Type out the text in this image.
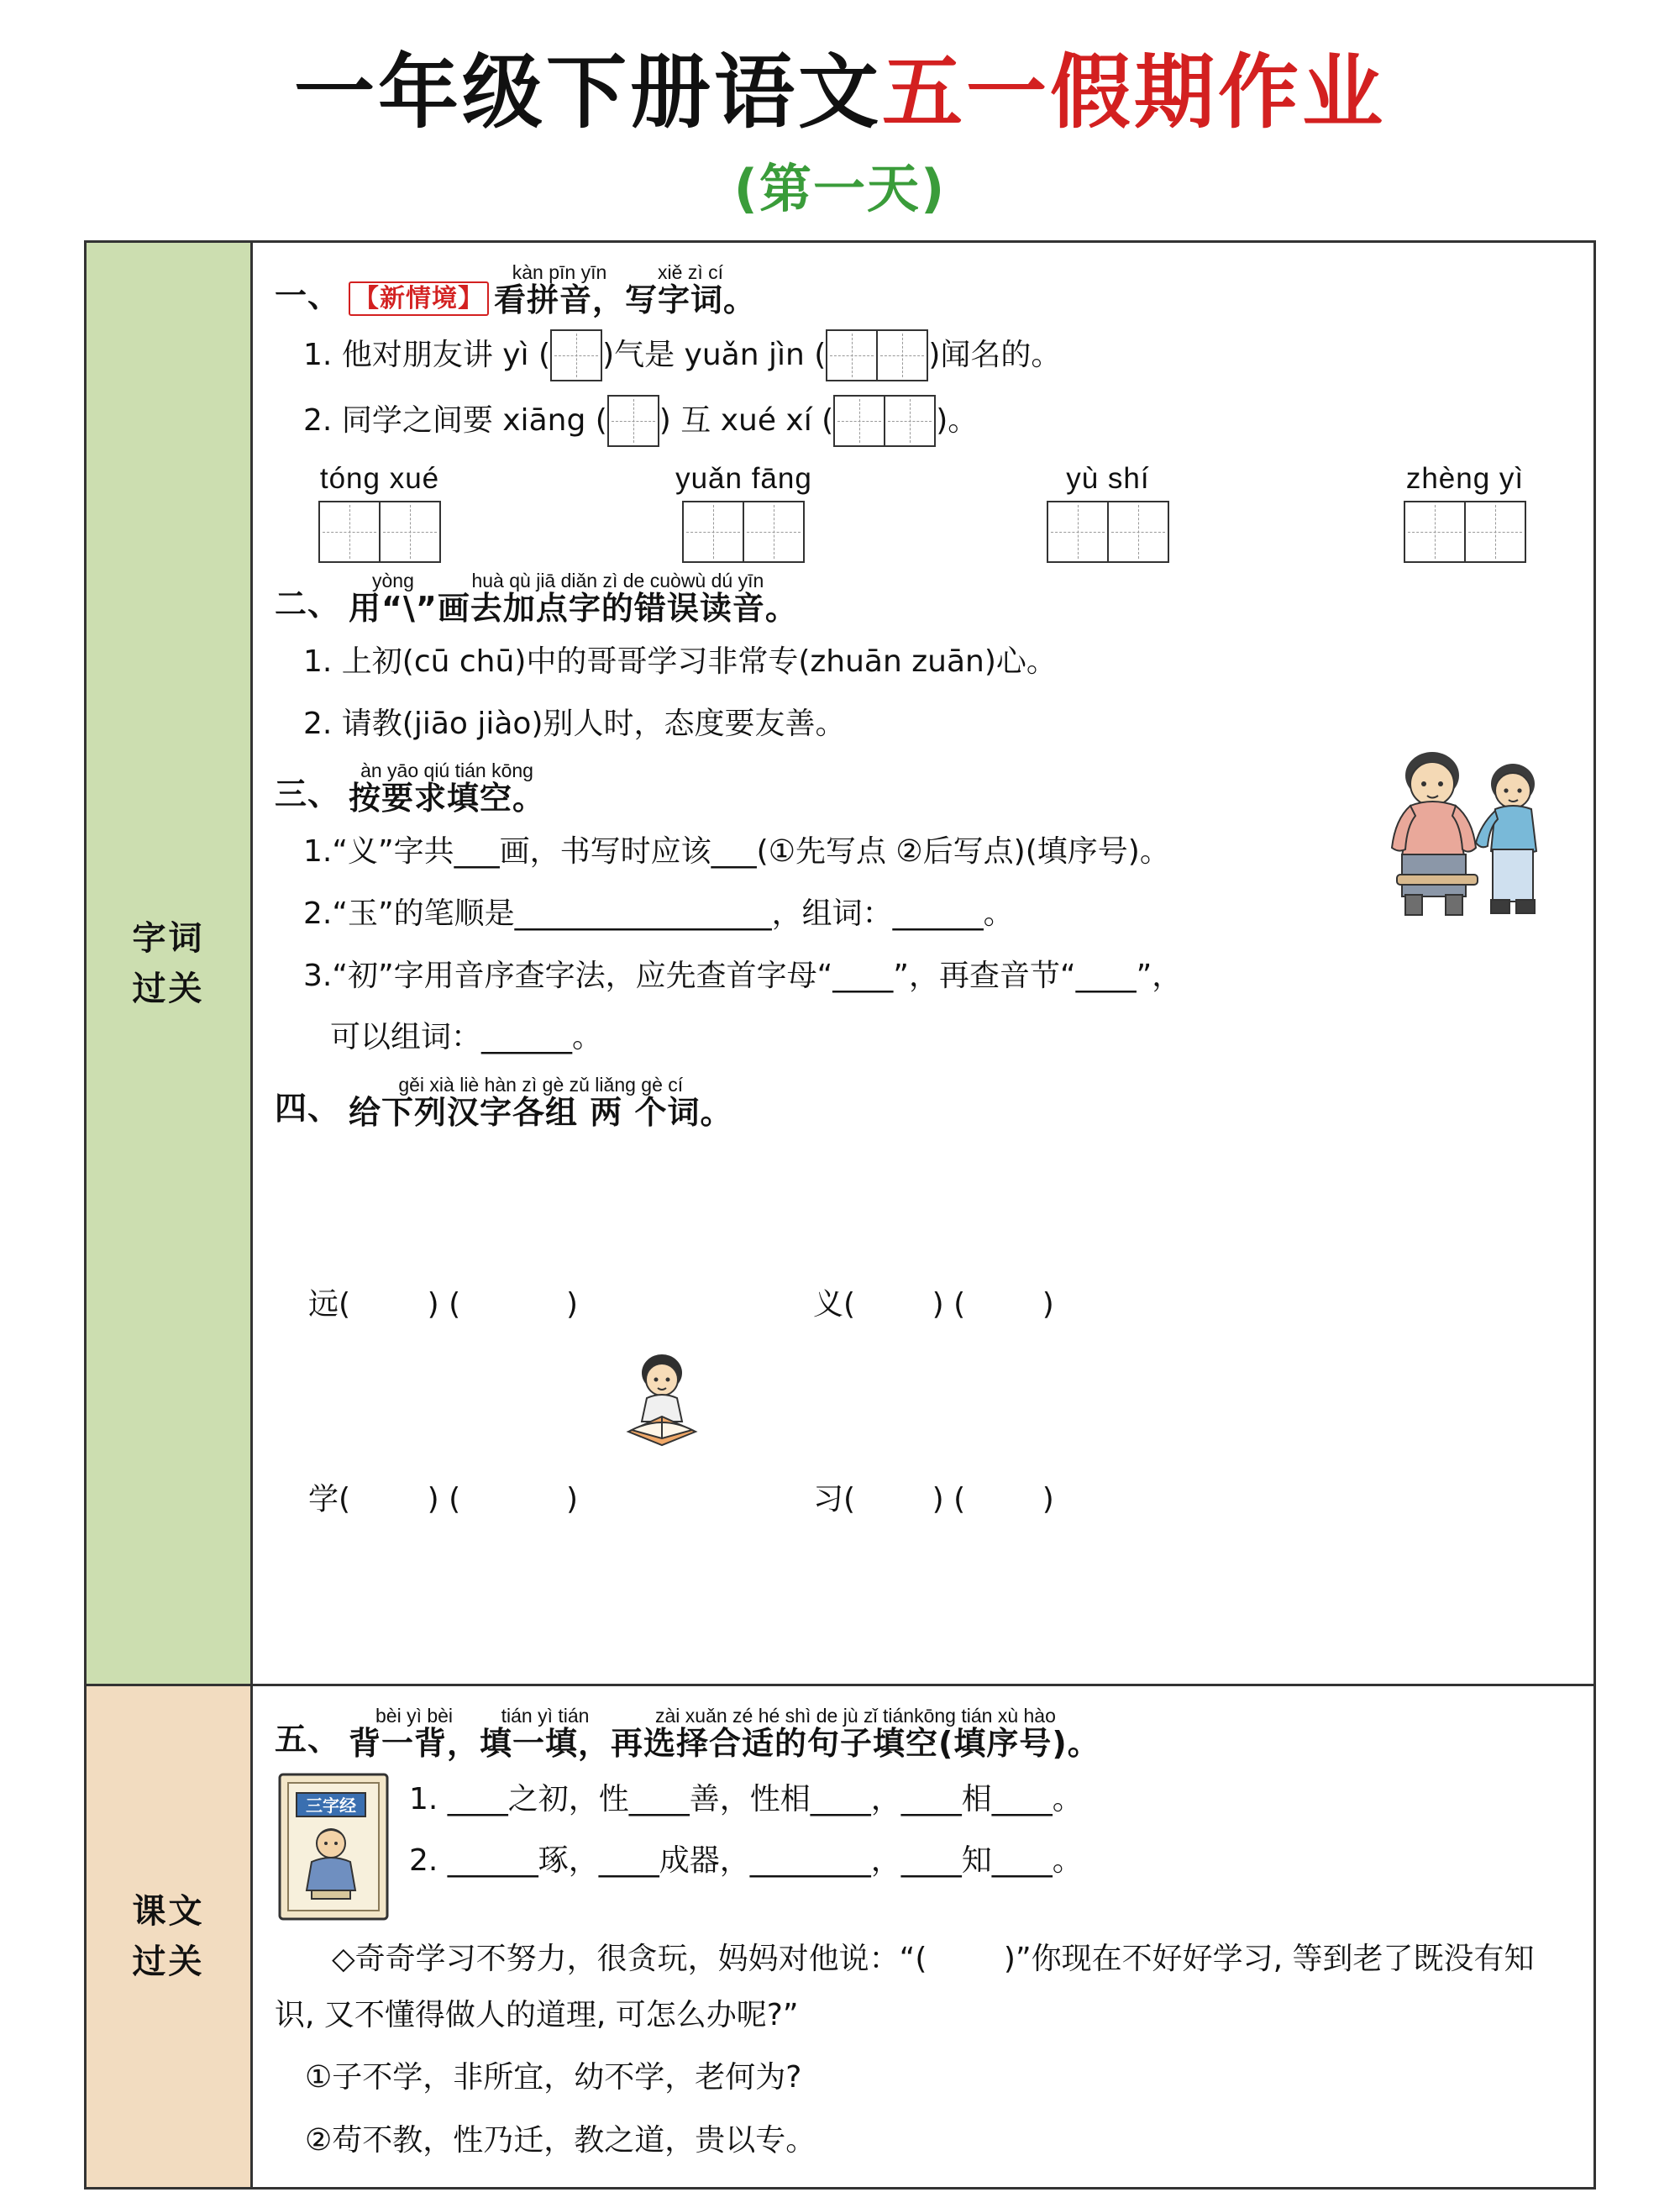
一年级下册语文五一假期作业
(第一天)
字词
过关
一、 【新情境】
kàn pīn yīn
看拼音，
xiě zì cí
写字词。
1.
他对朋友讲 yì ( )气是 yuǎn jìn (	)闻名的。
2.
同学之间要 xiāng ( ) 互 xué xí (	)。
tóng xué	yuǎn fāng	yù shí	zhèng yì
二、
yòng
用“\”
huà qù jiā diǎn zì de cuòwù dú yīn
画去加点字的错误读音。
1. 上初(cū chū)中的哥哥学习非常专(zhuān zuān)心。
2. 请教(jiāo jiào)别人时，态度要友善。
三、
àn yāo qiú tián kōng
按要求填空。
1.“义”字共___画，书写时应该___(①先写点 ②后写点)(填序号)。
2.“玉”的笔顺是_________________，组词：______。
3.“初”字用音序查字法，应先查首字母“____”，再查音节“____”，
可以组词：______。
四、
gěi xià liè hàn zì gè zǔ liǎng gè cí
给下列汉字各组 两 个词。

远(        ) (           )

学(        ) (           )

义(        ) (        )

习(        ) (        )

课文
过关
五、
bèi yì bèi
背一背，
tián yì tián
填一填，
zài xuǎn zé hé shì de jù zǐ tiánkōng tián xù hào
再选择合适的句子填空(填序号)。
三字经 1. ____之初，性____善，性相____，____相____。
2. ______琢，____成器，________，____知____。
◇奇奇学习不努力，很贪玩，妈妈对他说：“(        )”你现在不好好学习, 等到老了既没有知识, 又不懂得做人的道理, 可怎么办呢?”
①子不学，非所宜，幼不学，老何为?
②苟不教，性乃迁，教之道，贵以专。
